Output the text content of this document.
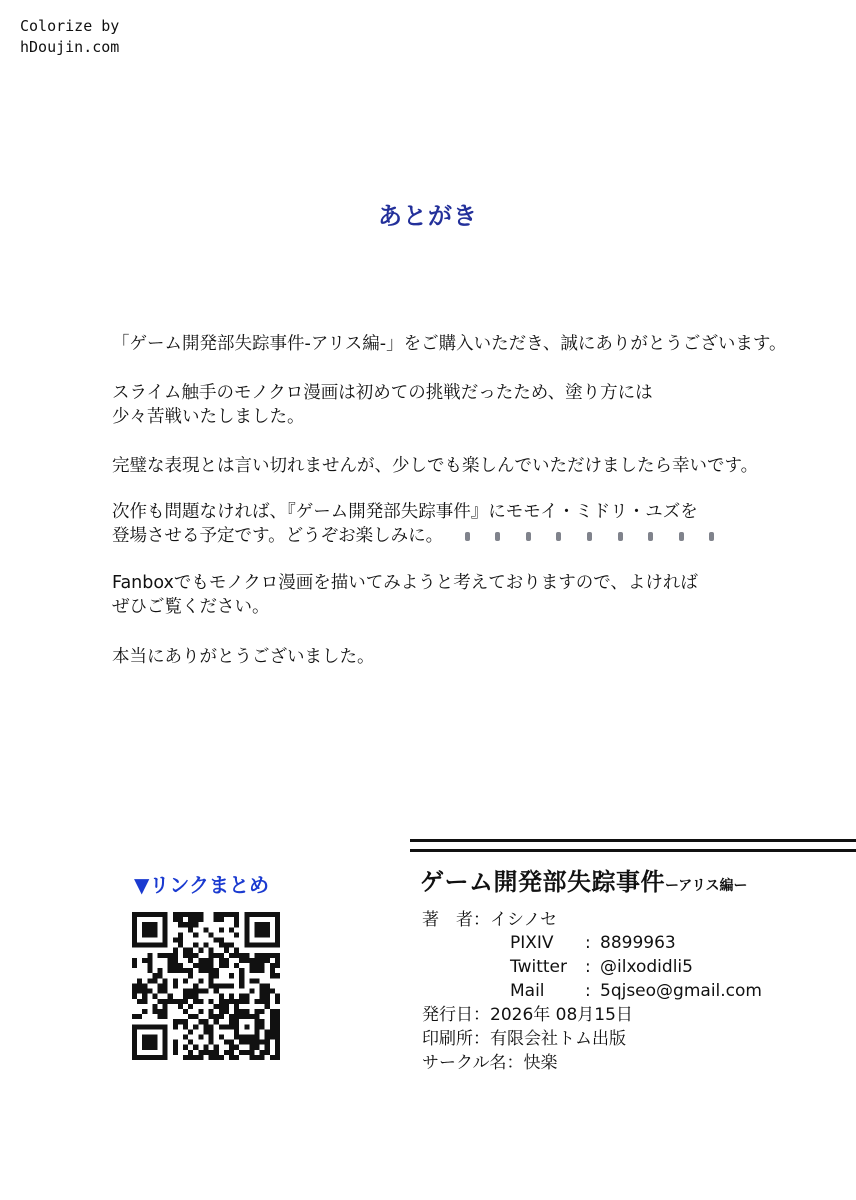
Colorize by
hDoujin.com
あとがき
「ゲーム開発部失踪事件-アリス編-」をご購入いただき、誠にありがとうございます。
スライム触手のモノクロ漫画は初めての挑戦だったため、塗り方には
少々苦戦いたしました。
完璧な表現とは言い切れませんが、少しでも楽しんでいただけましたら幸いです。
次作も問題なければ、『ゲーム開発部失踪事件』にモモイ・ミドリ・ユズを
登場させる予定です。どうぞお楽しみに。
Fanboxでもモノクロ漫画を描いてみようと考えておりますので、よければ
ぜひご覧ください。
本当にありがとうございました。
▼リンクまとめ	ゲーム開発部失踪事件ーアリス編ー
著　者：イシノセ
PIXIV : 8899963
Twitter : @ilxodidli5
Mail : 5qjseo@gmail.com
発行日：2026年 08月15日
印刷所：有限会社トム出版
サークル名：快楽
